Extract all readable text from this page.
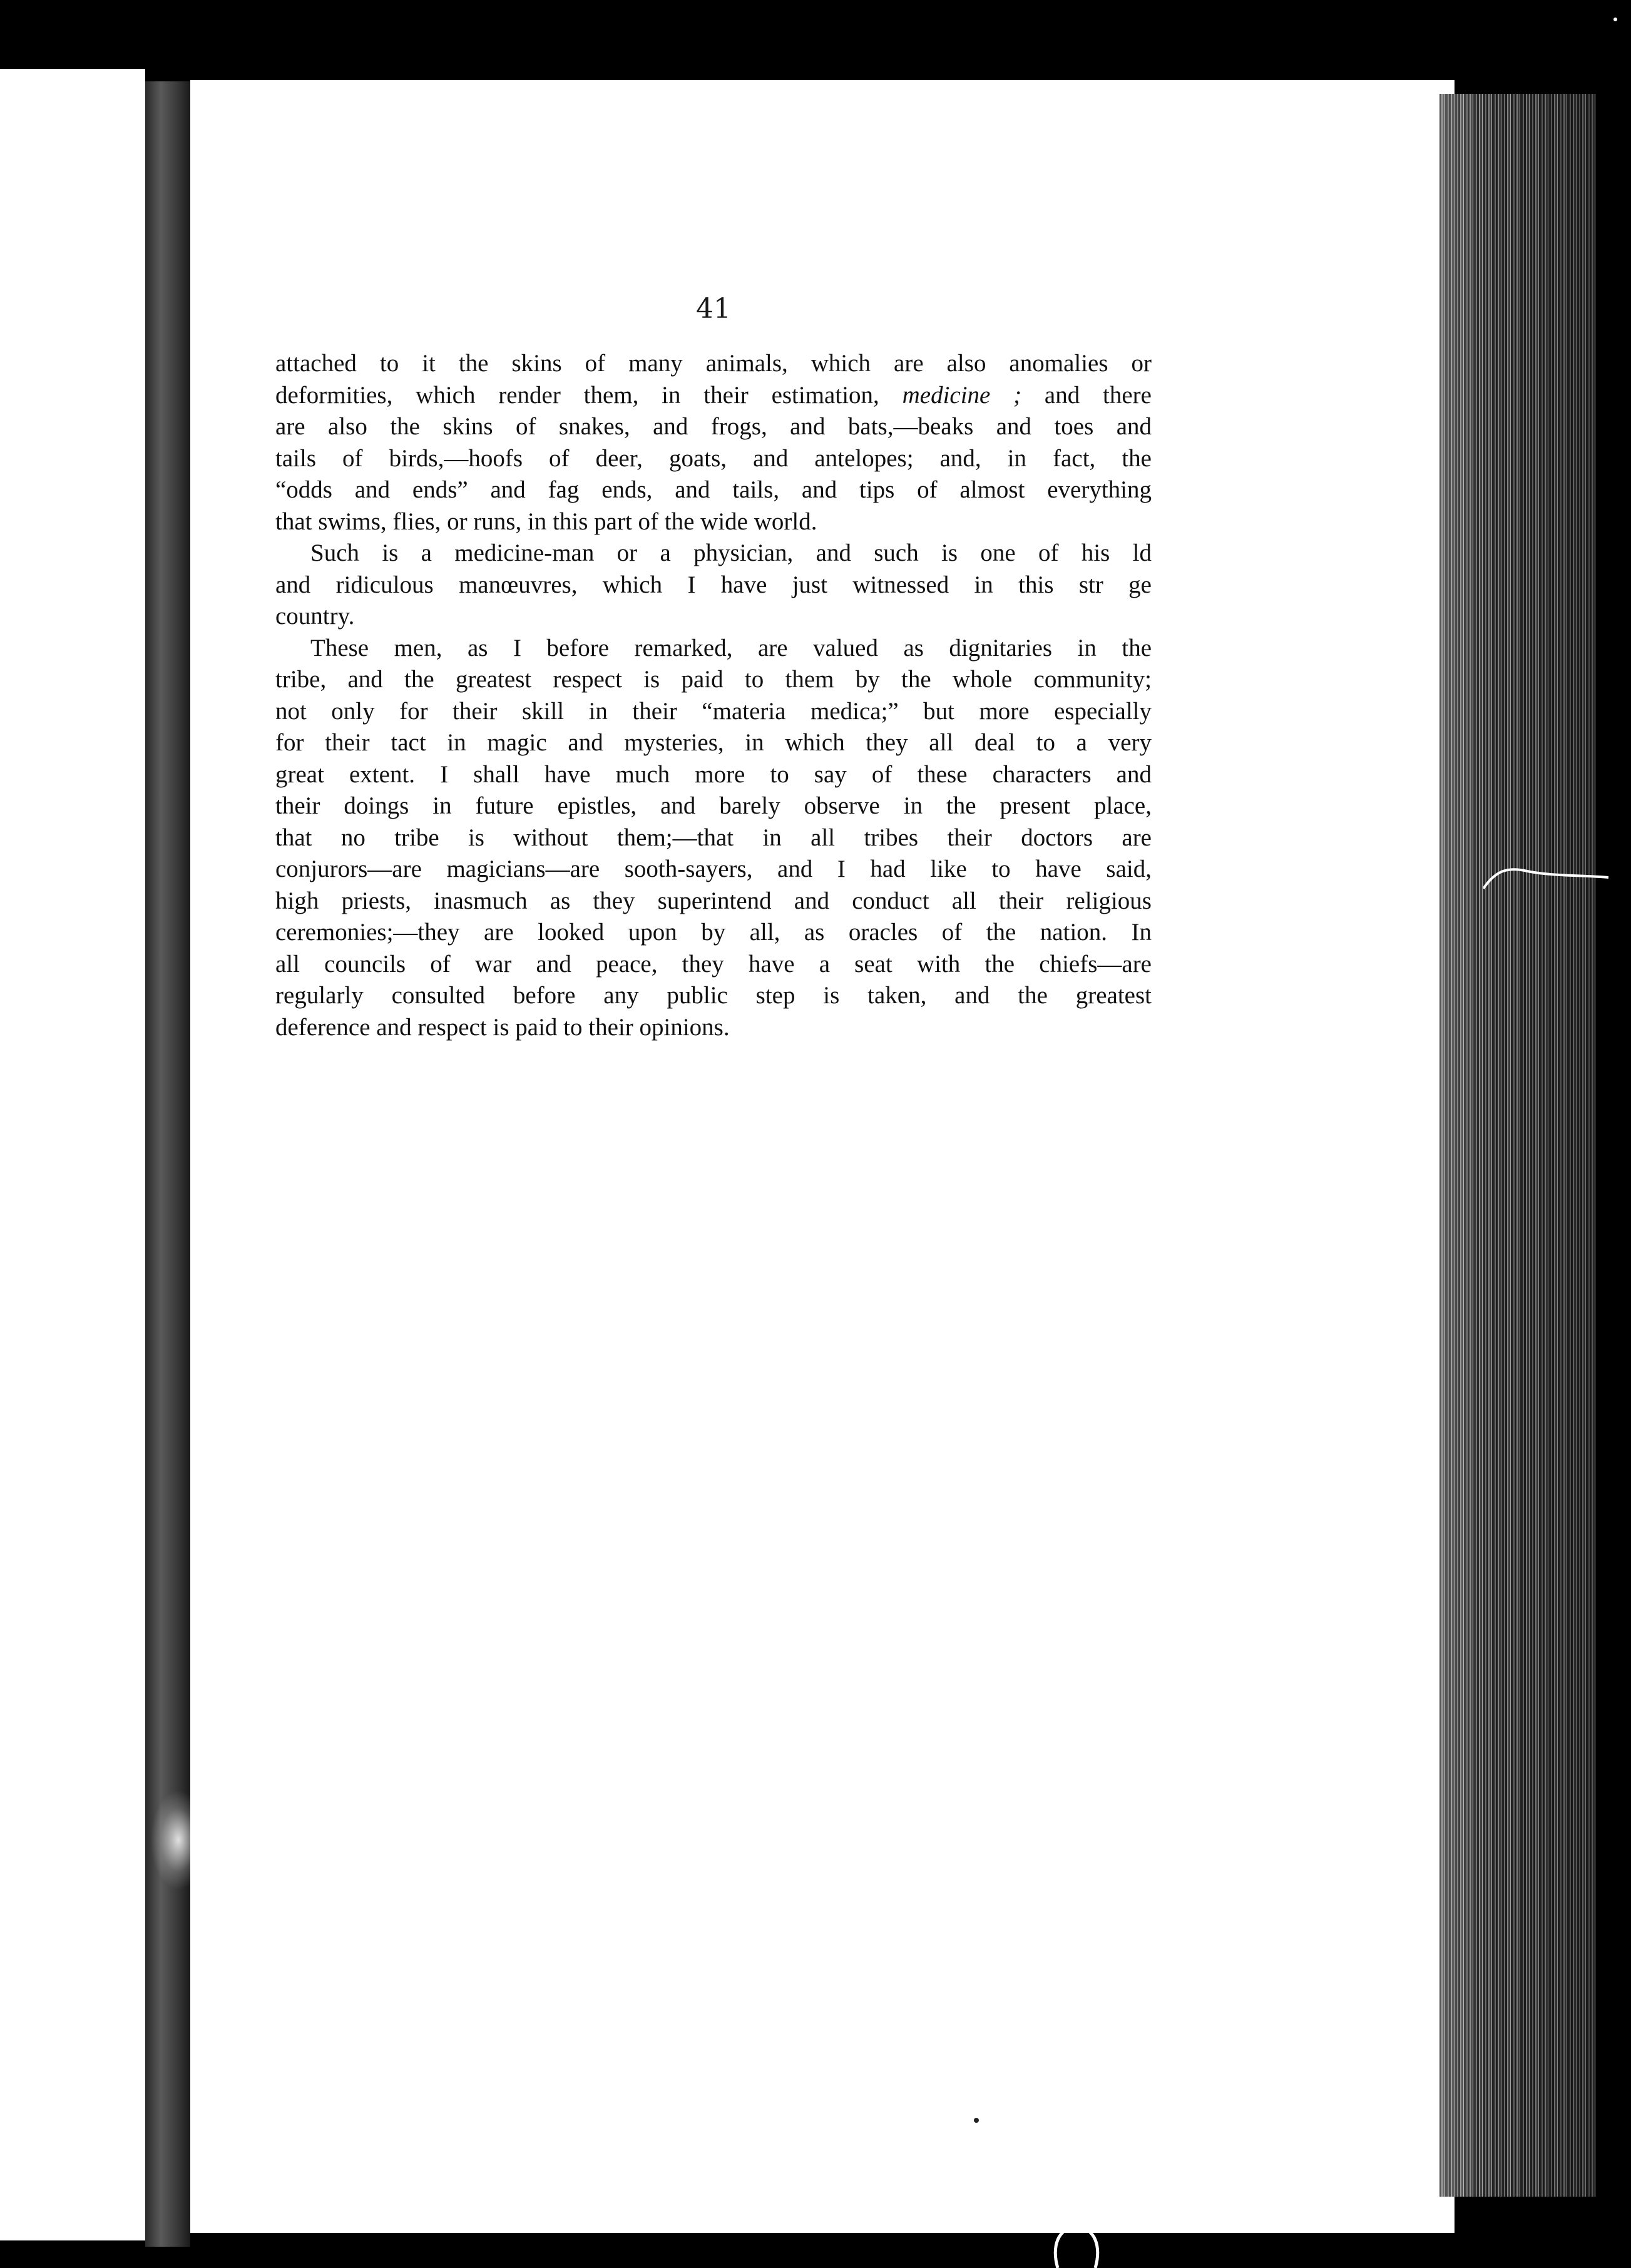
41
attached to it the skins of many animals, which are also anomalies or
deformities, which render them, in their estimation, medicine ; and there
are also the skins of snakes, and frogs, and bats,—beaks and toes and
tails of birds,—hoofs of deer, goats, and antelopes; and, in fact, the
“odds and ends” and fag ends, and tails, and tips of almost everything
that swims, flies, or runs, in this part of the wide world.
Such is a medicine-man or a physician, and such is one of his ld
and ridiculous manœuvres, which I have just witnessed in this str ge
country.
These men, as I before remarked, are valued as dignitaries in the
tribe, and the greatest respect is paid to them by the whole community;
not only for their skill in their “materia medica;” but more especially
for their tact in magic and mysteries, in which they all deal to a very
great extent. I shall have much more to say of these characters and
their doings in future epistles, and barely observe in the present place,
that no tribe is without them;—that in all tribes their doctors are
conjurors—are magicians—are sooth-sayers, and I had like to have said,
high priests, inasmuch as they superintend and conduct all their religious
ceremonies;—they are looked upon by all, as oracles of the nation. In
all councils of war and peace, they have a seat with the chiefs—are
regularly consulted before any public step is taken, and the greatest
deference and respect is paid to their opinions.
